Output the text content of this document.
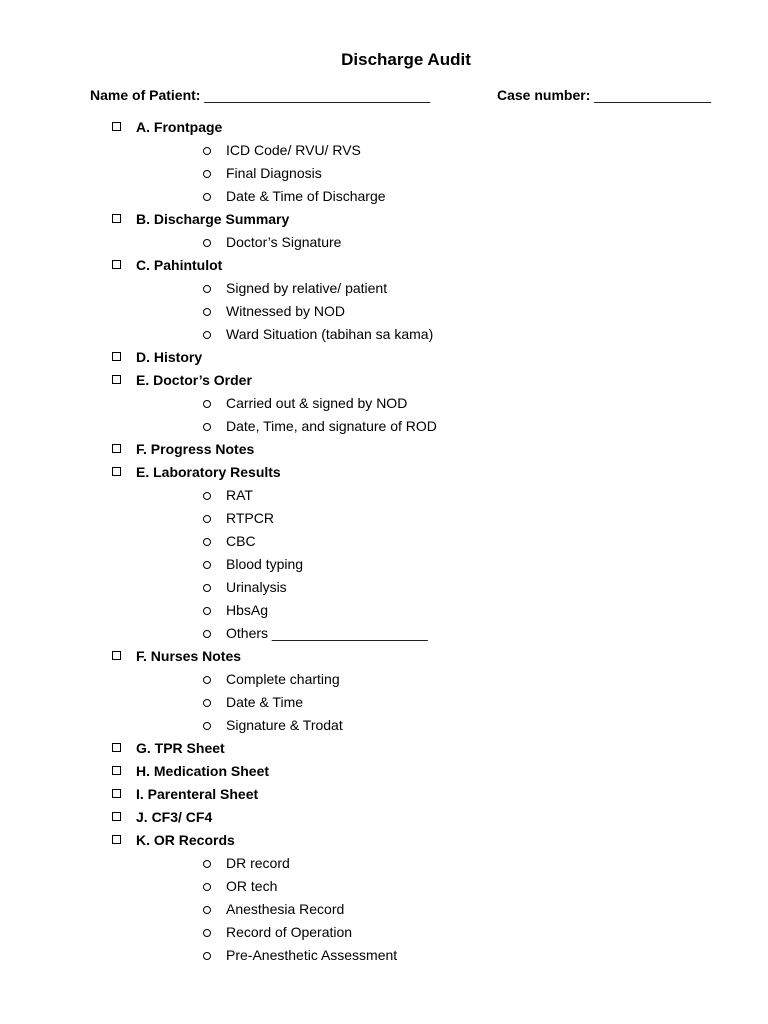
Discharge Audit
Name of Patient: _____________________________	Case number: _______________
A. Frontpage
ICD Code/ RVU/ RVS
Final Diagnosis
Date & Time of Discharge
B. Discharge Summary
Doctor’s Signature
C. Pahintulot
Signed by relative/ patient
Witnessed by NOD
Ward Situation (tabihan sa kama)
D. History
E. Doctor’s Order
Carried out & signed by NOD
Date, Time, and signature of ROD
F. Progress Notes
E. Laboratory Results
RAT
RTPCR
CBC
Blood typing
Urinalysis
HbsAg
Others ____________________
F. Nurses Notes
Complete charting
Date & Time
Signature & Trodat
G. TPR Sheet
H. Medication Sheet
I. Parenteral Sheet
J. CF3/ CF4
K. OR Records
DR record
OR tech
Anesthesia Record
Record of Operation
Pre-Anesthetic Assessment
